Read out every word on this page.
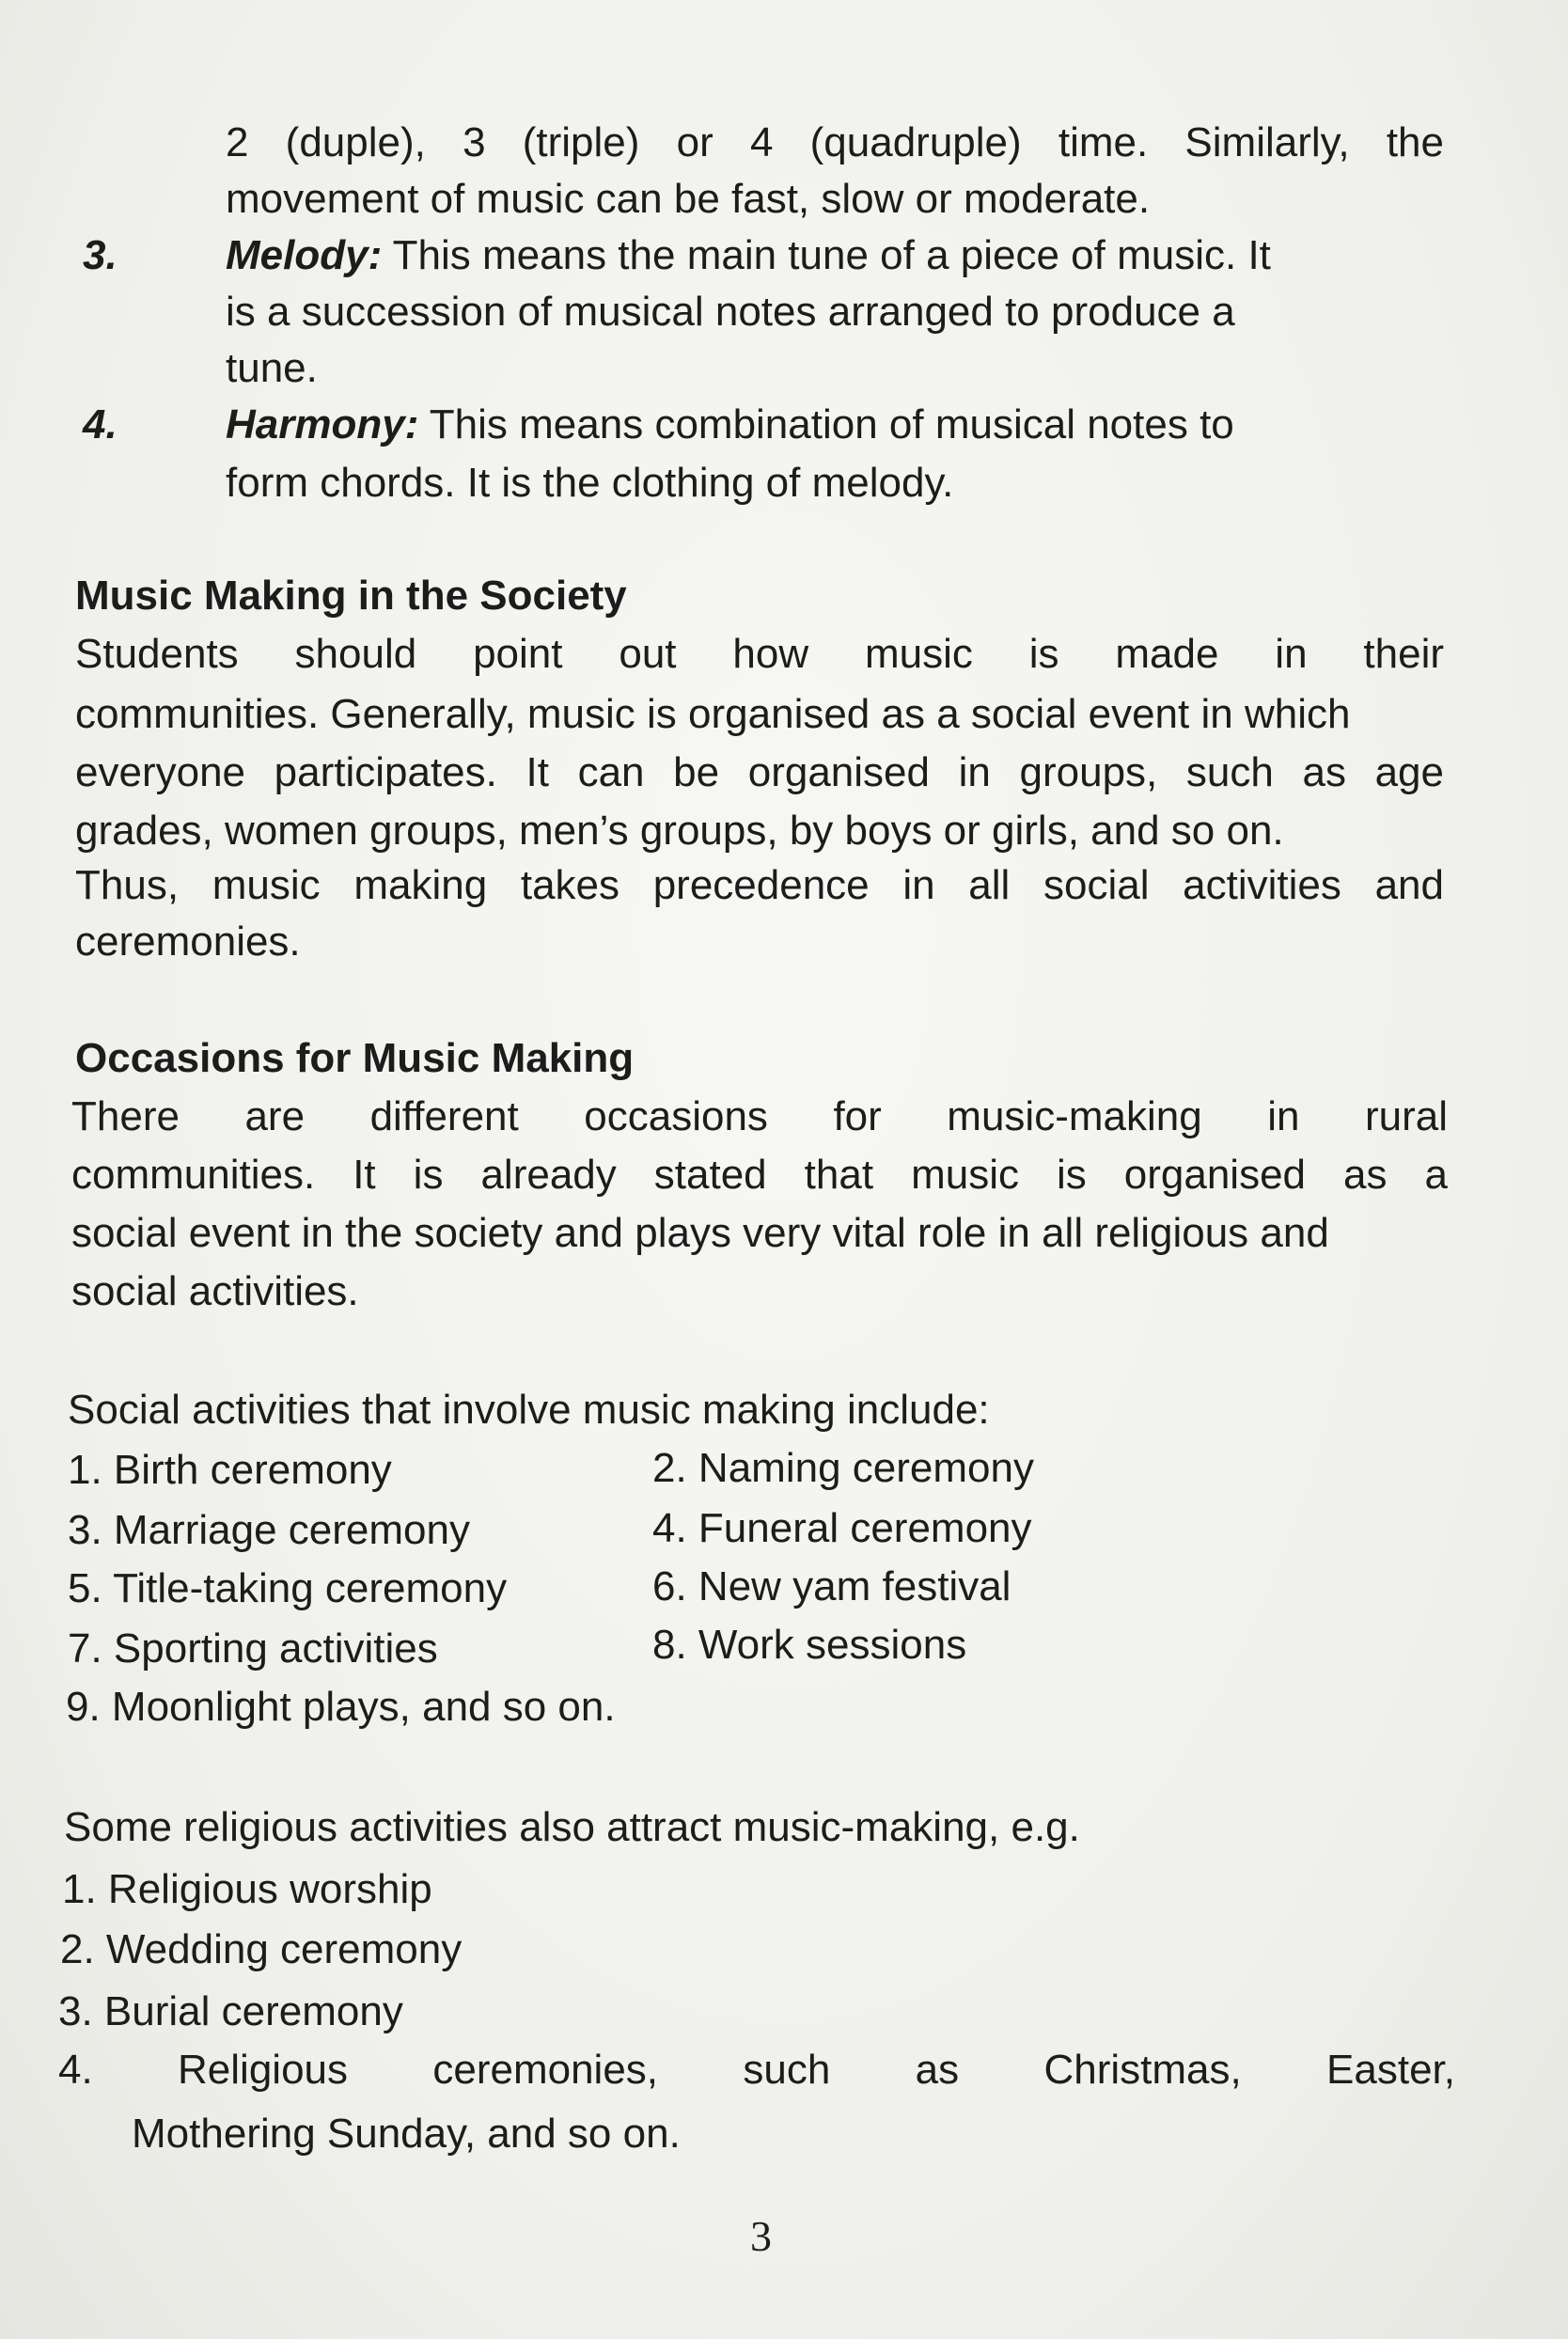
2 (duple), 3 (triple) or 4 (quadruple) time. Similarly, the
movement of music can be fast, slow or moderate.
3.	Melody: This means the main tune of a piece of music. It
is a succession of musical notes arranged to produce a
tune.
4.	Harmony: This means combination of musical notes to
form chords. It is the clothing of melody.
Music Making in the Society
Students should point out how music is made in their
communities. Generally, music is organised as a social event in which
everyone participates. It can be organised in groups, such as age
grades, women groups, men’s groups, by boys or girls, and so on.
Thus, music making takes precedence in all social activities and
ceremonies.
Occasions for Music Making
There are different occasions for music-making in rural
communities. It is already stated that music is organised as a
social event in the society and plays very vital role in all religious and
social activities.
Social activities that involve music making include:
1. Birth ceremony	2. Naming ceremony
3. Marriage ceremony	4. Funeral ceremony
5. Title-taking ceremony	6. New yam festival
7. Sporting activities	8. Work sessions
9. Moonlight plays, and so on.
Some religious activities also attract music-making, e.g.
1. Religious worship
2. Wedding ceremony
3. Burial ceremony
4. Religious ceremonies, such as Christmas, Easter,
Mothering Sunday, and so on.
3
